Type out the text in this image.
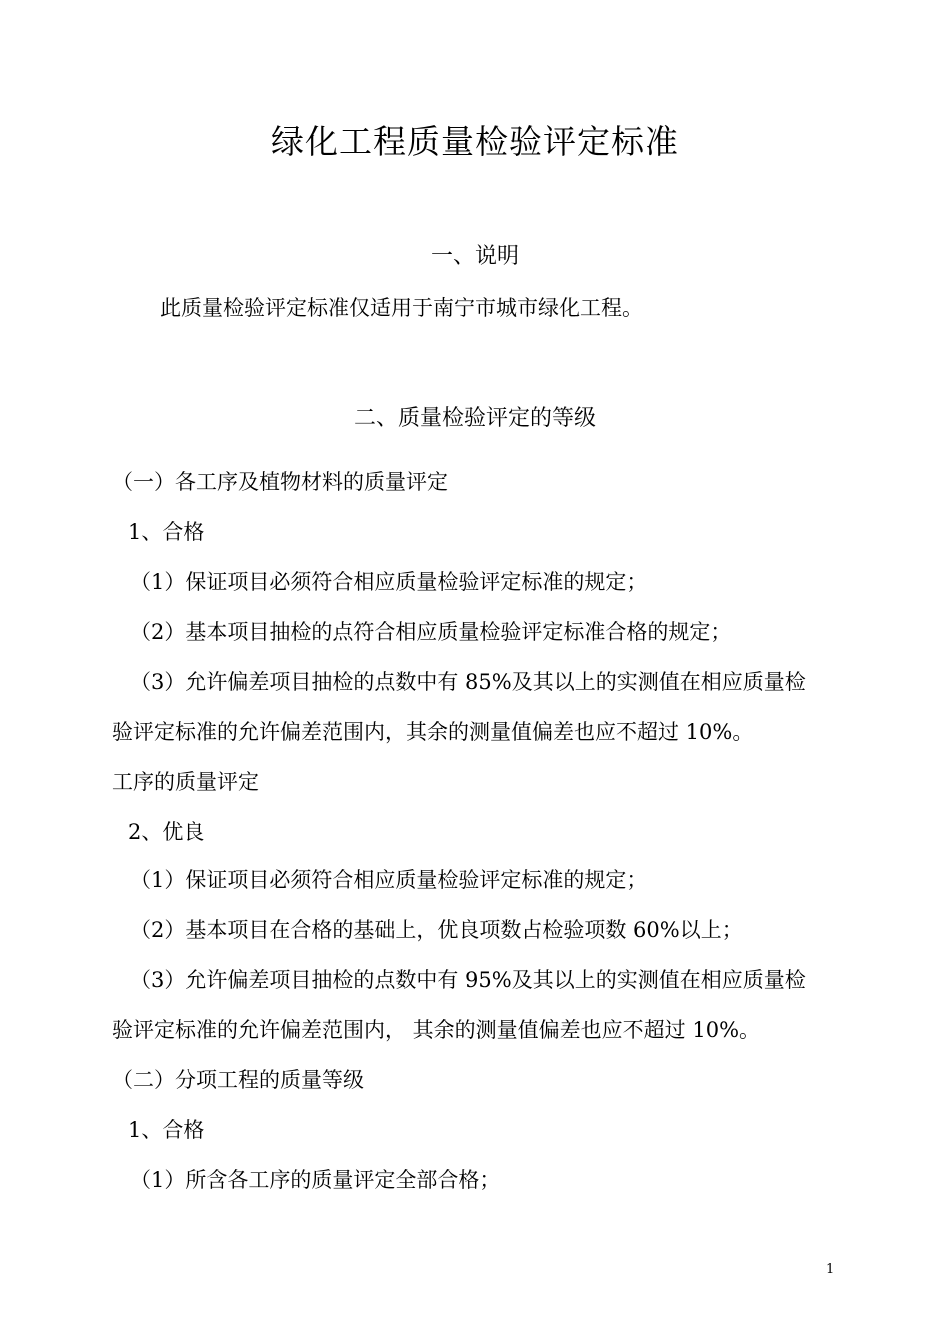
绿化工程质量检验评定标准
一、说明
此质量检验评定标准仅适用于南宁市城市绿化工程。
二、质量检验评定的等级
（一）各工序及植物材料的质量评定
1、合格
（1）保证项目必须符合相应质量检验评定标准的规定；
（2）基本项目抽检的点符合相应质量检验评定标准合格的规定；
（3）允许偏差项目抽检的点数中有 85%及其以上的实测值在相应质量检
验评定标准的允许偏差范围内，其余的测量值偏差也应不超过 10%。
工序的质量评定
2、优良
（1）保证项目必须符合相应质量检验评定标准的规定；
（2）基本项目在合格的基础上，优良项数占检验项数 60%以上；
（3）允许偏差项目抽检的点数中有 95%及其以上的实测值在相应质量检
验评定标准的允许偏差范围内， 其余的测量值偏差也应不超过 10%。
（二）分项工程的质量等级
1、合格
（1）所含各工序的质量评定全部合格；
1
